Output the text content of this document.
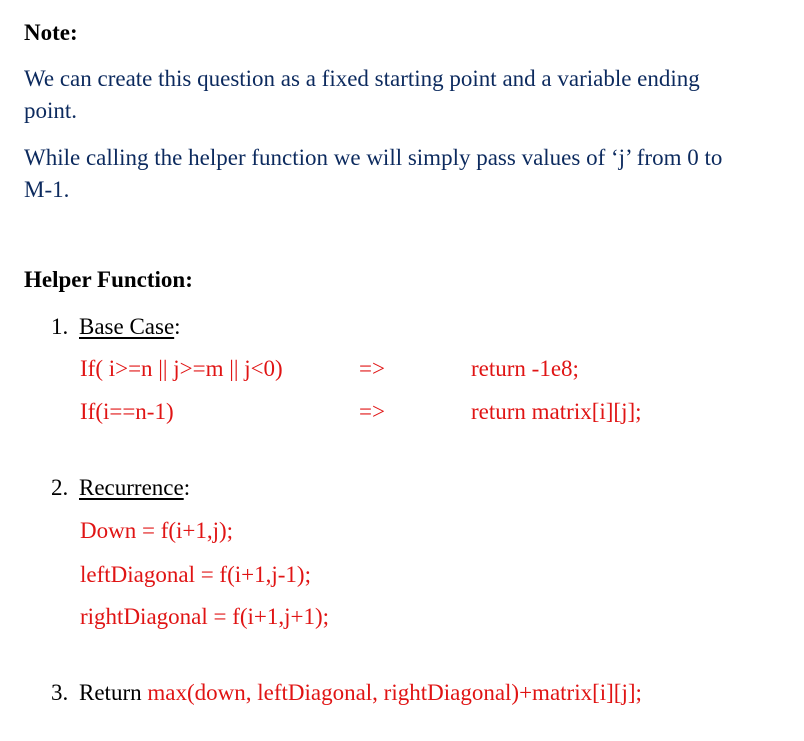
Note:
We can create this question as a fixed starting point and a variable ending point.
While calling the helper function we will simply pass values of ‘j’ from 0 to M-1.
Helper Function:
1. Base Case:
If( i>=n || j>=m || j<0)	=>	return -1e8;
If(i==n-1)	=>	return matrix[i][j];
2. Recurrence:
Down = f(i+1,j);
leftDiagonal = f(i+1,j-1);
rightDiagonal = f(i+1,j+1);
3. Return max(down, leftDiagonal, rightDiagonal)+matrix[i][j];
